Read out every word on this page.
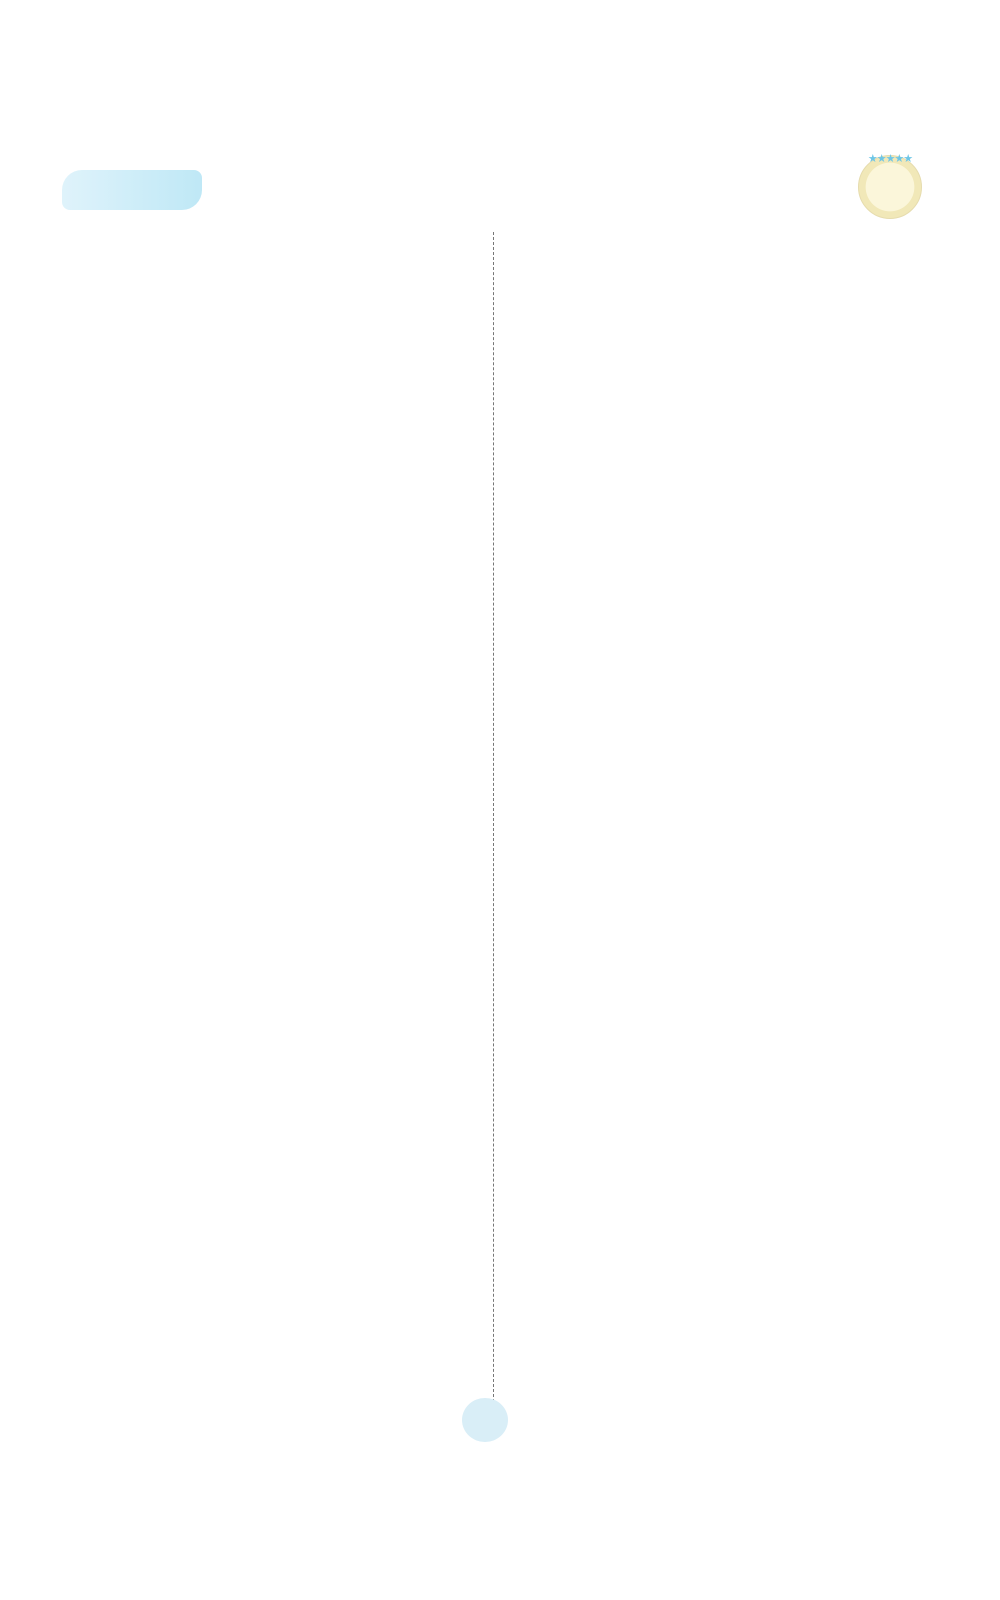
★★★★★
